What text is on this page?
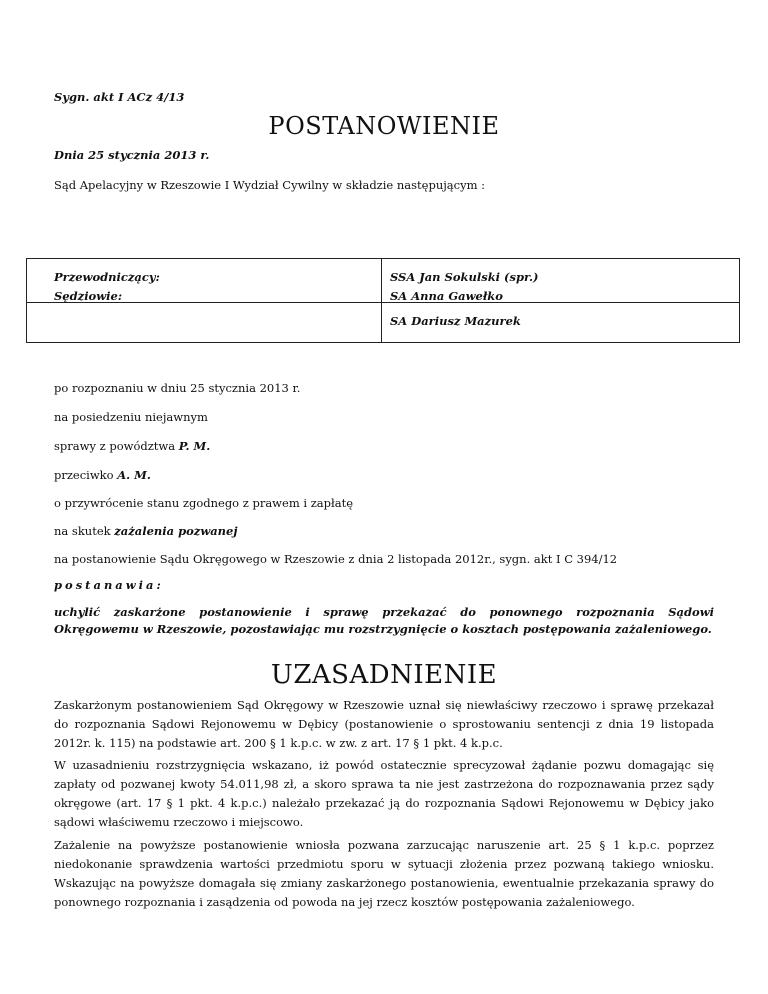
Sygn. akt I ACz 4/13
POSTANOWIENIE
Dnia 25 stycznia 2013 r.
Sąd Apelacyjny w Rzeszowie I Wydział Cywilny w składzie następującym :

Przewodniczący:	SSA Jan Sokulski (spr.)
Sędziowie:	SA Anna Gawełko
SA Dariusz Mazurek
po rozpoznaniu w dniu 25 stycznia 2013 r.
na posiedzeniu niejawnym
sprawy z powództwa P. M.
przeciwko A. M.
o przywrócenie stanu zgodnego z prawem i zapłatę
na skutek zażalenia pozwanej
na postanowienie Sądu Okręgowego w Rzeszowie z dnia 2 listopada 2012r., sygn. akt I C 394/12
postanawia:
uchylić zaskarżone postanowienie i sprawę przekazać do ponownego rozpoznania Sądowi Okręgowemu w Rzeszowie, pozostawiając mu rozstrzygnięcie o kosztach postępowania zażaleniowego.
UZASADNIENIE
Zaskarżonym postanowieniem Sąd Okręgowy w Rzeszowie uznał się niewłaściwy rzeczowo i sprawę przekazał do rozpoznania Sądowi Rejonowemu w Dębicy (postanowienie o sprostowaniu sentencji z dnia 19 listopada 2012r. k. 115) na podstawie art. 200 § 1 k.p.c. w zw. z art. 17 § 1 pkt. 4 k.p.c.
W uzasadnieniu rozstrzygnięcia wskazano, iż powód ostatecznie sprecyzował żądanie pozwu domagając się zapłaty od pozwanej kwoty 54.011,98 zł, a skoro sprawa ta nie jest zastrzeżona do rozpoznawania przez sądy okręgowe (art. 17 § 1 pkt. 4 k.p.c.) należało przekazać ją do rozpoznania Sądowi Rejonowemu w Dębicy jako sądowi właściwemu rzeczowo i miejscowo.
Zażalenie na powyższe postanowienie wniosła pozwana zarzucając naruszenie art. 25 § 1 k.p.c. poprzez niedokonanie sprawdzenia wartości przedmiotu sporu w sytuacji złożenia przez pozwaną takiego wniosku. Wskazując na powyższe domagała się zmiany zaskarżonego postanowienia, ewentualnie przekazania sprawy do ponownego rozpoznania i zasądzenia od powoda na jej rzecz kosztów postępowania zażaleniowego.
